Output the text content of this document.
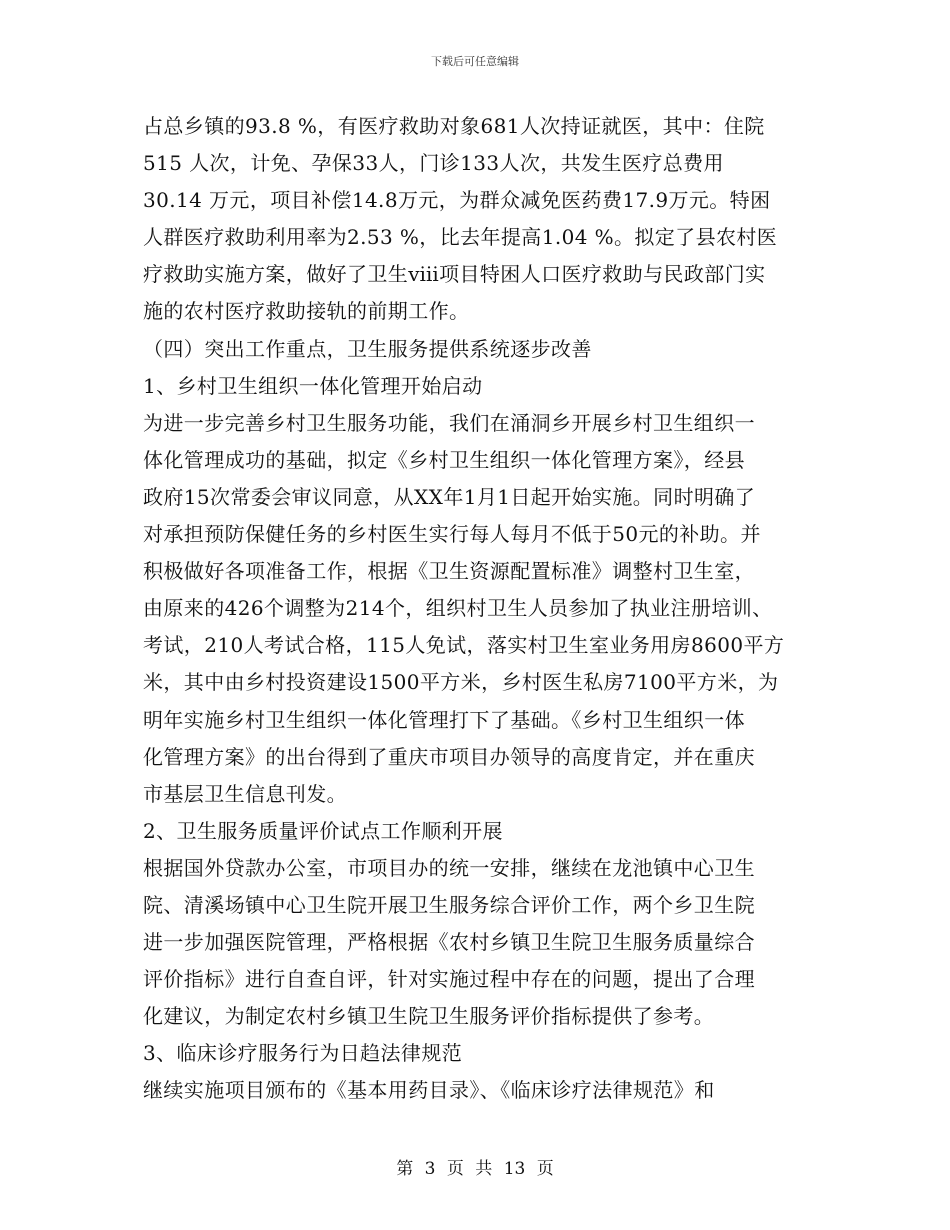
下载后可任意编辑
占总乡镇的93.8 %，有医疗救助对象681人次持证就医，其中：住院
515 人次，计免、孕保33人，门诊133人次，共发生医疗总费用
30.14 万元，项目补偿14.8万元，为群众减免医药费17.9万元。特困
人群医疗救助利用率为2.53 %，比去年提高1.04 %。拟定了县农村医
疗救助实施方案，做好了卫生ⅷ项目特困人口医疗救助与民政部门实
施的农村医疗救助接轨的前期工作。
（四）突出工作重点，卫生服务提供系统逐步改善
1、乡村卫生组织一体化管理开始启动
为进一步完善乡村卫生服务功能，我们在涌洞乡开展乡村卫生组织一
体化管理成功的基础，拟定《乡村卫生组织一体化管理方案》，经县
政府15次常委会审议同意，从XX年1月1日起开始实施。同时明确了
对承担预防保健任务的乡村医生实行每人每月不低于50元的补助。并
积极做好各项准备工作，根据《卫生资源配置标准》调整村卫生室，
由原来的426个调整为214个，组织村卫生人员参加了执业注册培训、
考试，210人考试合格，115人免试，落实村卫生室业务用房8600平方
米，其中由乡村投资建设1500平方米，乡村医生私房7100平方米，为
明年实施乡村卫生组织一体化管理打下了基础。《乡村卫生组织一体
化管理方案》的出台得到了重庆市项目办领导的高度肯定，并在重庆
市基层卫生信息刊发。
2、卫生服务质量评价试点工作顺利开展
根据国外贷款办公室，市项目办的统一安排，继续在龙池镇中心卫生
院、清溪场镇中心卫生院开展卫生服务综合评价工作，两个乡卫生院
进一步加强医院管理，严格根据《农村乡镇卫生院卫生服务质量综合
评价指标》进行自查自评，针对实施过程中存在的问题，提出了合理
化建议，为制定农村乡镇卫生院卫生服务评价指标提供了参考。
3、临床诊疗服务行为日趋法律规范
继续实施项目颁布的《基本用药目录》、《临床诊疗法律规范》和
第 3 页 共 13 页
